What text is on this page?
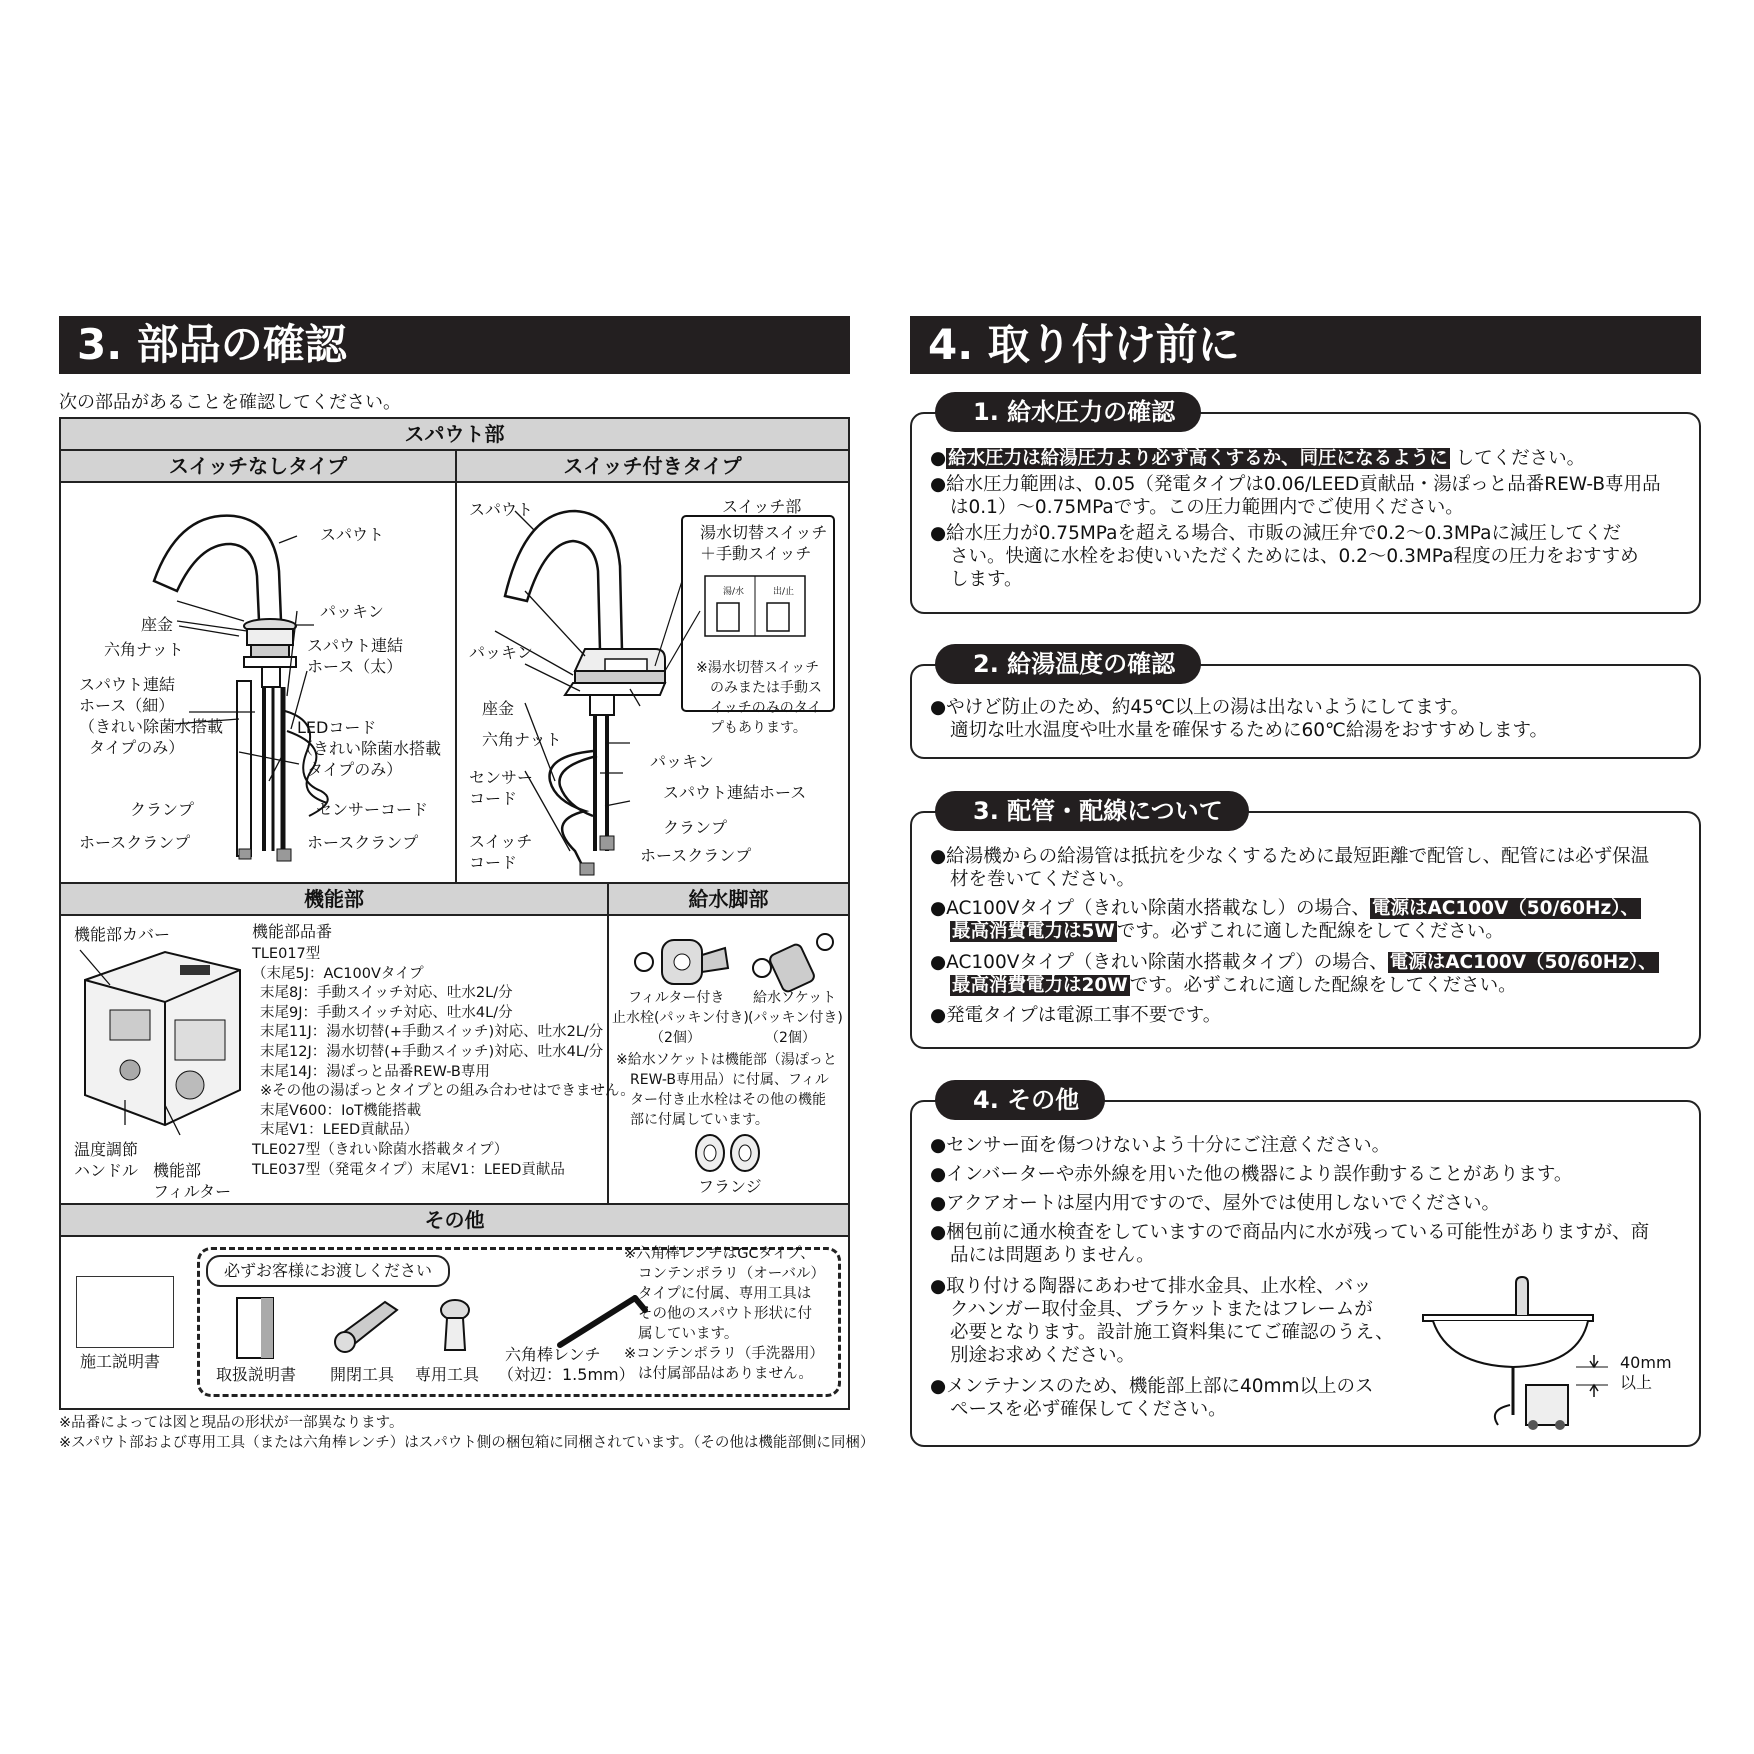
3. 部品の確認
次の部品があることを確認してください。
スパウト部
スイッチなしタイプ	スイッチ付きタイプ
スパウト
パッキン
座金
六角ナット	スパウト連結
ホース（太）
スパウト連結
ホース（細）
（きれい除菌水搭載
タイプのみ）
LEDコード
（きれい除菌水搭載
タイプのみ）
クランプ	センサーコード
ホースクランプ	ホースクランプ
スパウト	スイッチ部
湯水切替スイッチ
＋手動スイッチ
湯/水	出/止
※湯水切替スイッチ
のみまたは手動ス
イッチのみのタイ
プもあります。
パッキン
座金
六角ナット
パッキン
センサー
コード	スパウト連結ホース
クランプ
スイッチ
コード	ホースクランプ
機能部	給水脚部
機能部カバー
温度調節
ハンドル 機能部
フィルター
機能部品番
TLE017型
（末尾5J：AC100Vタイプ
末尾8J：手動スイッチ対応、吐水2L/分
末尾9J：手動スイッチ対応、吐水4L/分
末尾11J：湯水切替(+手動スイッチ)対応、吐水2L/分
末尾12J：湯水切替(+手動スイッチ)対応、吐水4L/分
末尾14J：湯ぽっと品番REW-B専用
※その他の湯ぽっとタイプとの組み合わせはできません。
末尾V600：IoT機能搭載
末尾V1：LEED貢献品）
TLE027型（きれい除菌水搭載タイプ）
TLE037型（発電タイプ）末尾V1：LEED貢献品
フィルター付き
止水栓(パッキン付き)
（2個）
給水ソケット
(パッキン付き)
（2個）
※給水ソケットは機能部（湯ぽっと
REW-B専用品）に付属、フィル
ター付き止水栓はその他の機能
部に付属しています。
フランジ
その他
施工説明書
必ずお客様にお渡しください
取扱説明書 開閉工具 専用工具
六角棒レンチ
（対辺：1.5mm）
※六角棒レンチはGCタイプ、
コンテンポラリ（オーバル）
タイプに付属、専用工具は
その他のスパウト形状に付
属しています。
※コンテンポラリ（手洗器用）
は付属部品はありません。
※品番によっては図と現品の形状が一部異なります。
※スパウト部および専用工具（または六角棒レンチ）はスパウト側の梱包箱に同梱されています。（その他は機能部側に同梱）
4. 取り付け前に
1. 給水圧力の確認
● 給水圧力は給湯圧力より必ず高くするか、同圧になるように してください。
●給水圧力範囲は、0.05（発電タイプは0.06/LEED貢献品・湯ぽっと品番REW-B専用品
は0.1）～0.75MPaです。この圧力範囲内でご使用ください。
●給水圧力が0.75MPaを超える場合、市販の減圧弁で0.2～0.3MPaに減圧してくだ
さい。快適に水栓をお使いいただくためには、0.2～0.3MPa程度の圧力をおすすめ
します。
2. 給湯温度の確認
●やけど防止のため、約45℃以上の湯は出ないようにしてます。
適切な吐水温度や吐水量を確保するために60℃給湯をおすすめします。
3. 配管・配線について
●給湯機からの給湯管は抵抗を少なくするために最短距離で配管し、配管には必ず保温
材を巻いてください。
●AC100Vタイプ（きれい除菌水搭載なし）の場合、 電源はAC100V（50/60Hz）、
最高消費電力は5W です。必ずこれに適した配線をしてください。
●AC100Vタイプ（きれい除菌水搭載タイプ）の場合、 電源はAC100V（50/60Hz）、
最高消費電力は20W です。必ずこれに適した配線をしてください。
●発電タイプは電源工事不要です。
4. その他
●センサー面を傷つけないよう十分にご注意ください。
●インバーターや赤外線を用いた他の機器により誤作動することがあります。
●アクアオートは屋内用ですので、屋外では使用しないでください。
●梱包前に通水検査をしていますので商品内に水が残っている可能性がありますが、商
品には問題ありません。
●取り付ける陶器にあわせて排水金具、止水栓、バッ
クハンガー取付金具、ブラケットまたはフレームが
必要となります。設計施工資料集にてご確認のうえ、
別途お求めください。
●メンテナンスのため、機能部上部に40mm以上のス
ペースを必ず確保してください。
40mm
以上
